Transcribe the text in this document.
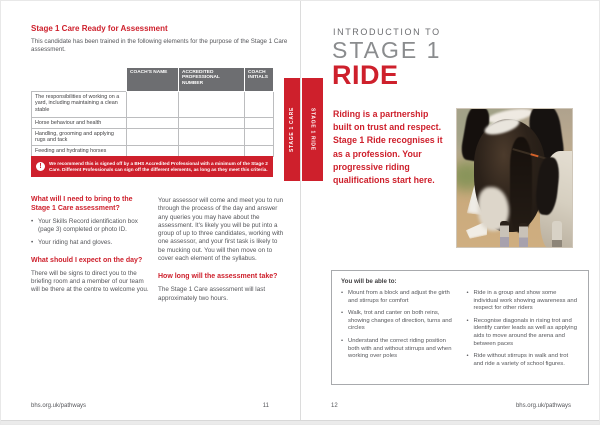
Stage 1 Care Ready for Assessment
This candidate has been trained in the following elements for the purpose of the Stage 1 Care assessment.
	COACH'S NAME	ACCREDITED PROFESSIONAL NUMBER	COACH INITIALS
The responsibilities of working on a yard, including maintaining a clean stable			
Horse behaviour and health			
Handling, grooming and applying rugs and tack			
Feeding and hydrating horses			
!	We recommend this is signed off by a BHS Accredited Professional with a minimum of the Stage 2 Care. Different Professionals can sign off the different elements, as long as they meet this criteria.
What will I need to bring to the Stage 1 Care assessment?
• Your Skills Record identification box (page 3) completed or photo ID.
• Your riding hat and gloves.
What should I expect on the day?
There will be signs to direct you to the briefing room and a member of our team will be there at the centre to welcome you.
Your assessor will come and meet you to run through the process of the day and answer any queries you may have about the assessment. It's likely you will be put into a group of up to three candidates, working with one assessor, and your first task is likely to be mucking out. You will then move on to cover each element of the syllabus.
How long will the assessment take?
The Stage 1 Care assessment will last approximately two hours.
bhs.org.uk/pathways	11
STAGE 1 CARE	STAGE 1 RIDE
INTRODUCTION TO
STAGE 1
RIDE
Riding is a partnership built on trust and respect. Stage 1 Ride recognises it as a profession. Your progressive riding qualifications start here.
You will be able to:
• Mount from a block and adjust the girth and stirrups for comfort
• Walk, trot and canter on both reins, showing changes of direction, turns and circles
• Understand the correct riding position both with and without stirrups and when working over poles
• Ride in a group and show some individual work showing awareness and respect for other riders
• Recognise diagonals in rising trot and identify canter leads as well as applying aids to move around the arena and between paces
• Ride without stirrups in walk and trot and ride a variety of school figures.
12	bhs.org.uk/pathways
